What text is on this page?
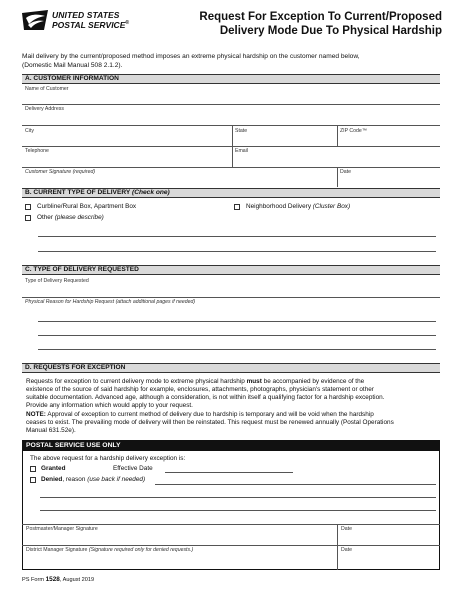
UNITED STATES
POSTAL SERVICE®	Request For Exception To Current/Proposed
Delivery Mode Due To Physical Hardship
Mail delivery by the current/proposed method imposes an extreme physical hardship on the customer named below,
(Domestic Mail Manual 508 2.1.2).
A. CUSTOMER INFORMATION
Name of Customer
Delivery Address
City	State	ZIP Code™
Telephone	Email
Customer Signature (required)	Date
B. CURRENT TYPE OF DELIVERY (Check one)
Curbline/Rural Box, Apartment Box	Neighborhood Delivery (Cluster Box)
Other (please describe)
C. TYPE OF DELIVERY REQUESTED
Type of Delivery Requested
Physical Reason for Hardship Request (attach additional pages if needed)
D. REQUESTS FOR EXCEPTION
Requests for exception to current delivery mode to extreme physical hardship must be accompanied by evidence of the
existence of the source of said hardship for example, enclosures, attachments, photographs, physician's statement or other
suitable documentation. Advanced age, although a consideration, is not within itself a qualifying factor for a hardship exception.
Provide any information which would apply to your request.
NOTE: Approval of exception to current method of delivery due to hardship is temporary and will be void when the hardship
ceases to exist. The prevailing mode of delivery will then be reinstated. This request must be renewed annually (Postal Operations
Manual 631.52e).
POSTAL SERVICE USE ONLY
The above request for a hardship delivery exception is:
Granted	Effective Date
Denied, reason (use back if needed)
Postmaster/Manager Signature	Date
District Manager Signature (Signature required only for denied requests.)	Date
PS Form 1528, August 2019
